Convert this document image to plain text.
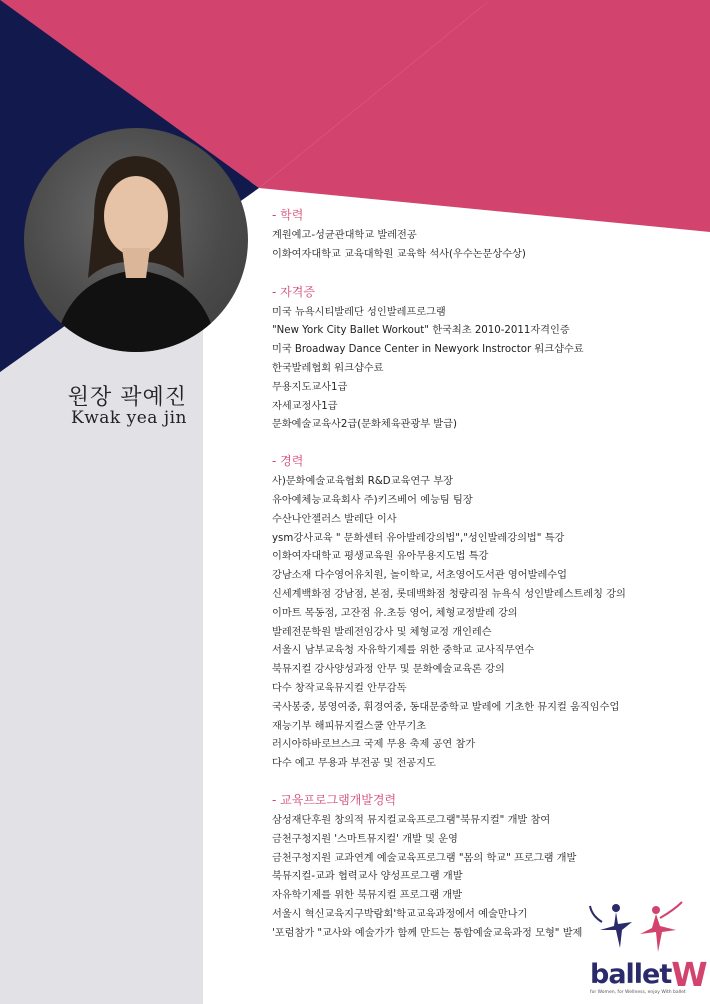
원장 곽예진
Kwak yea jin
- 학력
계원예고-성균관대학교 발레전공
이화여자대학교 교육대학원 교육학 석사(우수논문상수상)
- 자격증
미국 뉴욕시티발레단 성인발레프로그램
"New York City Ballet Workout" 한국최초 2010-2011자격인증
미국 Broadway Dance Center in Newyork Instroctor 워크샵수료
한국발레협회 워크샵수료
무용지도교사1급
자세교정사1급
문화예술교육사2급(문화체육관광부 발급)
- 경력
사)문화예술교육협회 R&D교육연구 부장
유아예체능교육회사 주)키즈베어 예능팀 팀장
수산나안젤러스 발레단 이사
ysm강사교육 " 문화센터 유아발레강의법","성인발레강의법" 특강
이화여자대학교 평생교육원 유아무용지도법 특강
강남소재 다수영어유치원, 놀이학교, 서초영어도서관 영어발레수업
신세계백화점 강남점, 본점, 롯데백화점 청량리점 뉴욕식 성인발레스트레칭 강의
이마트 목동점, 고잔점 유.초등 영어, 체형교정발레 강의
발레전문학원 발레전임강사 및 체형교정 개인레슨
서울시 남부교육청 자유학기제를 위한 중학교 교사직무연수
북뮤지컬 강사양성과정 안무 및 문화예술교육론 강의
다수 창작교육뮤지컬 안무감독
국사봉중, 봉영여중, 휘경여중, 동대문중학교 발레에 기초한 뮤지컬 움직임수업
재능기부 해피뮤지컬스쿨 안무기초
러시아하바로브스크 국제 무용 축제 공연 참가
다수 예고 무용과 부전공 및 전공지도
- 교육프로그램개발경력
삼성재단후원 창의적 뮤지컬교육프로그램"북뮤지컬" 개발 참여
금천구청지원 '스마트뮤지컬' 개발 및 운영
금천구청지원 교과연계 예술교육프로그램 "몸의 학교" 프로그램 개발
북뮤지컬-교과 협력교사 양성프로그램 개발
자유학기제를 위한 북뮤지컬 프로그램 개발
서울시 혁신교육지구박람회'학교교육과정에서 예술만나기
'포럼참가 "교사와 예술가가 함께 만드는 통합예술교육과정 모형" 발제
balletW
for Women, for Wellness, enjoy With ballet
